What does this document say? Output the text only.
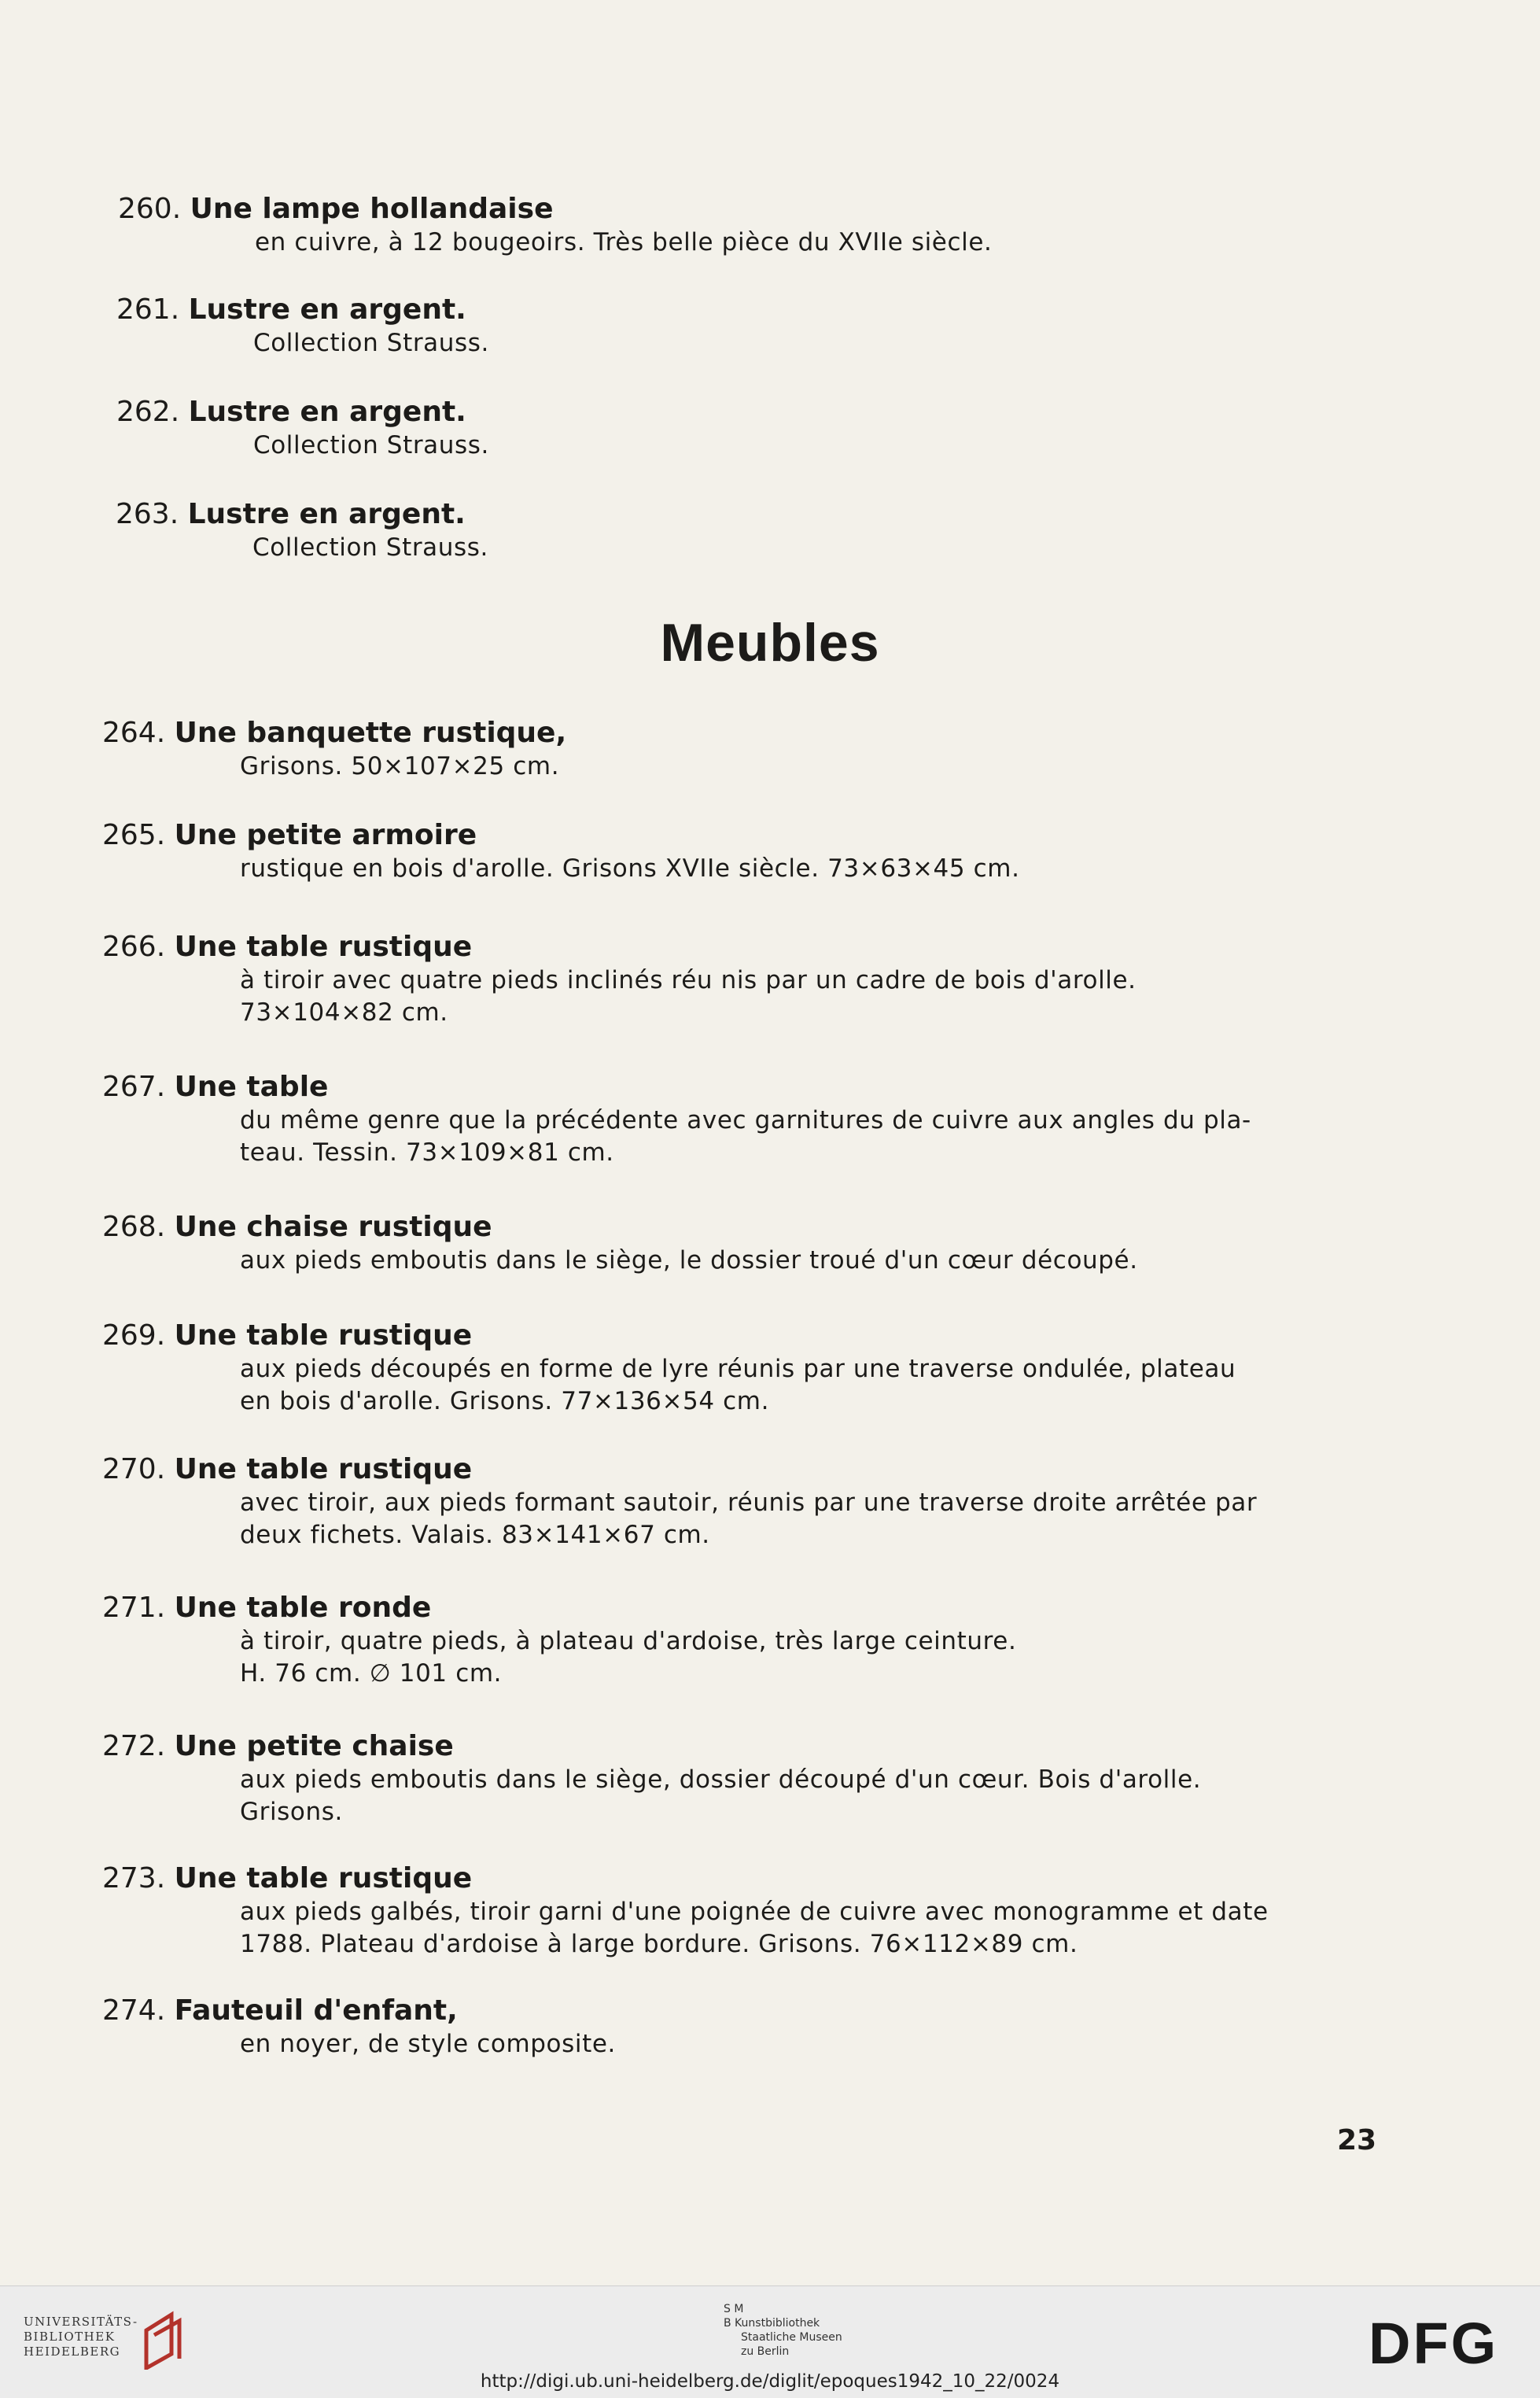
260. Une lampe hollandaise
en cuivre, à 12 bougeoirs. Très belle pièce du XVIIe siècle.
261. Lustre en argent.
Collection Strauss.
262. Lustre en argent.
Collection Strauss.
263. Lustre en argent.
Collection Strauss.
Meubles
264. Une banquette rustique,
Grisons. 50×107×25 cm.
265. Une petite armoire
rustique en bois d'arolle. Grisons XVIIe siècle. 73×63×45 cm.
266. Une table rustique
à tiroir avec quatre pieds inclinés réu nis par un cadre de bois d'arolle.
73×104×82 cm.
267. Une table
du même genre que la précédente avec garnitures de cuivre aux angles du pla-
teau. Tessin. 73×109×81 cm.
268. Une chaise rustique
aux pieds emboutis dans le siège, le dossier troué d'un cœur découpé.
269. Une table rustique
aux pieds découpés en forme de lyre réunis par une traverse ondulée, plateau
en bois d'arolle. Grisons. 77×136×54 cm.
270. Une table rustique
avec tiroir, aux pieds formant sautoir, réunis par une traverse droite arrêtée par
deux fichets. Valais. 83×141×67 cm.
271. Une table ronde
à tiroir, quatre pieds, à plateau d'ardoise, très large ceinture.
H. 76 cm. ∅ 101 cm.
272. Une petite chaise
aux pieds emboutis dans le siège, dossier découpé d'un cœur. Bois d'arolle.
Grisons.
273. Une table rustique
aux pieds galbés, tiroir garni d'une poignée de cuivre avec monogramme et date
1788. Plateau d'ardoise à large bordure. Grisons. 76×112×89 cm.
274. Fauteuil d'enfant,
en noyer, de style composite.
23
UNIVERSITÄTS-
BIBLIOTHEK
HEIDELBERG
S M
B Kunstbibliothek
Staatliche Museen
zu Berlin	DFG
http://digi.ub.uni-heidelberg.de/diglit/epoques1942_10_22/0024
